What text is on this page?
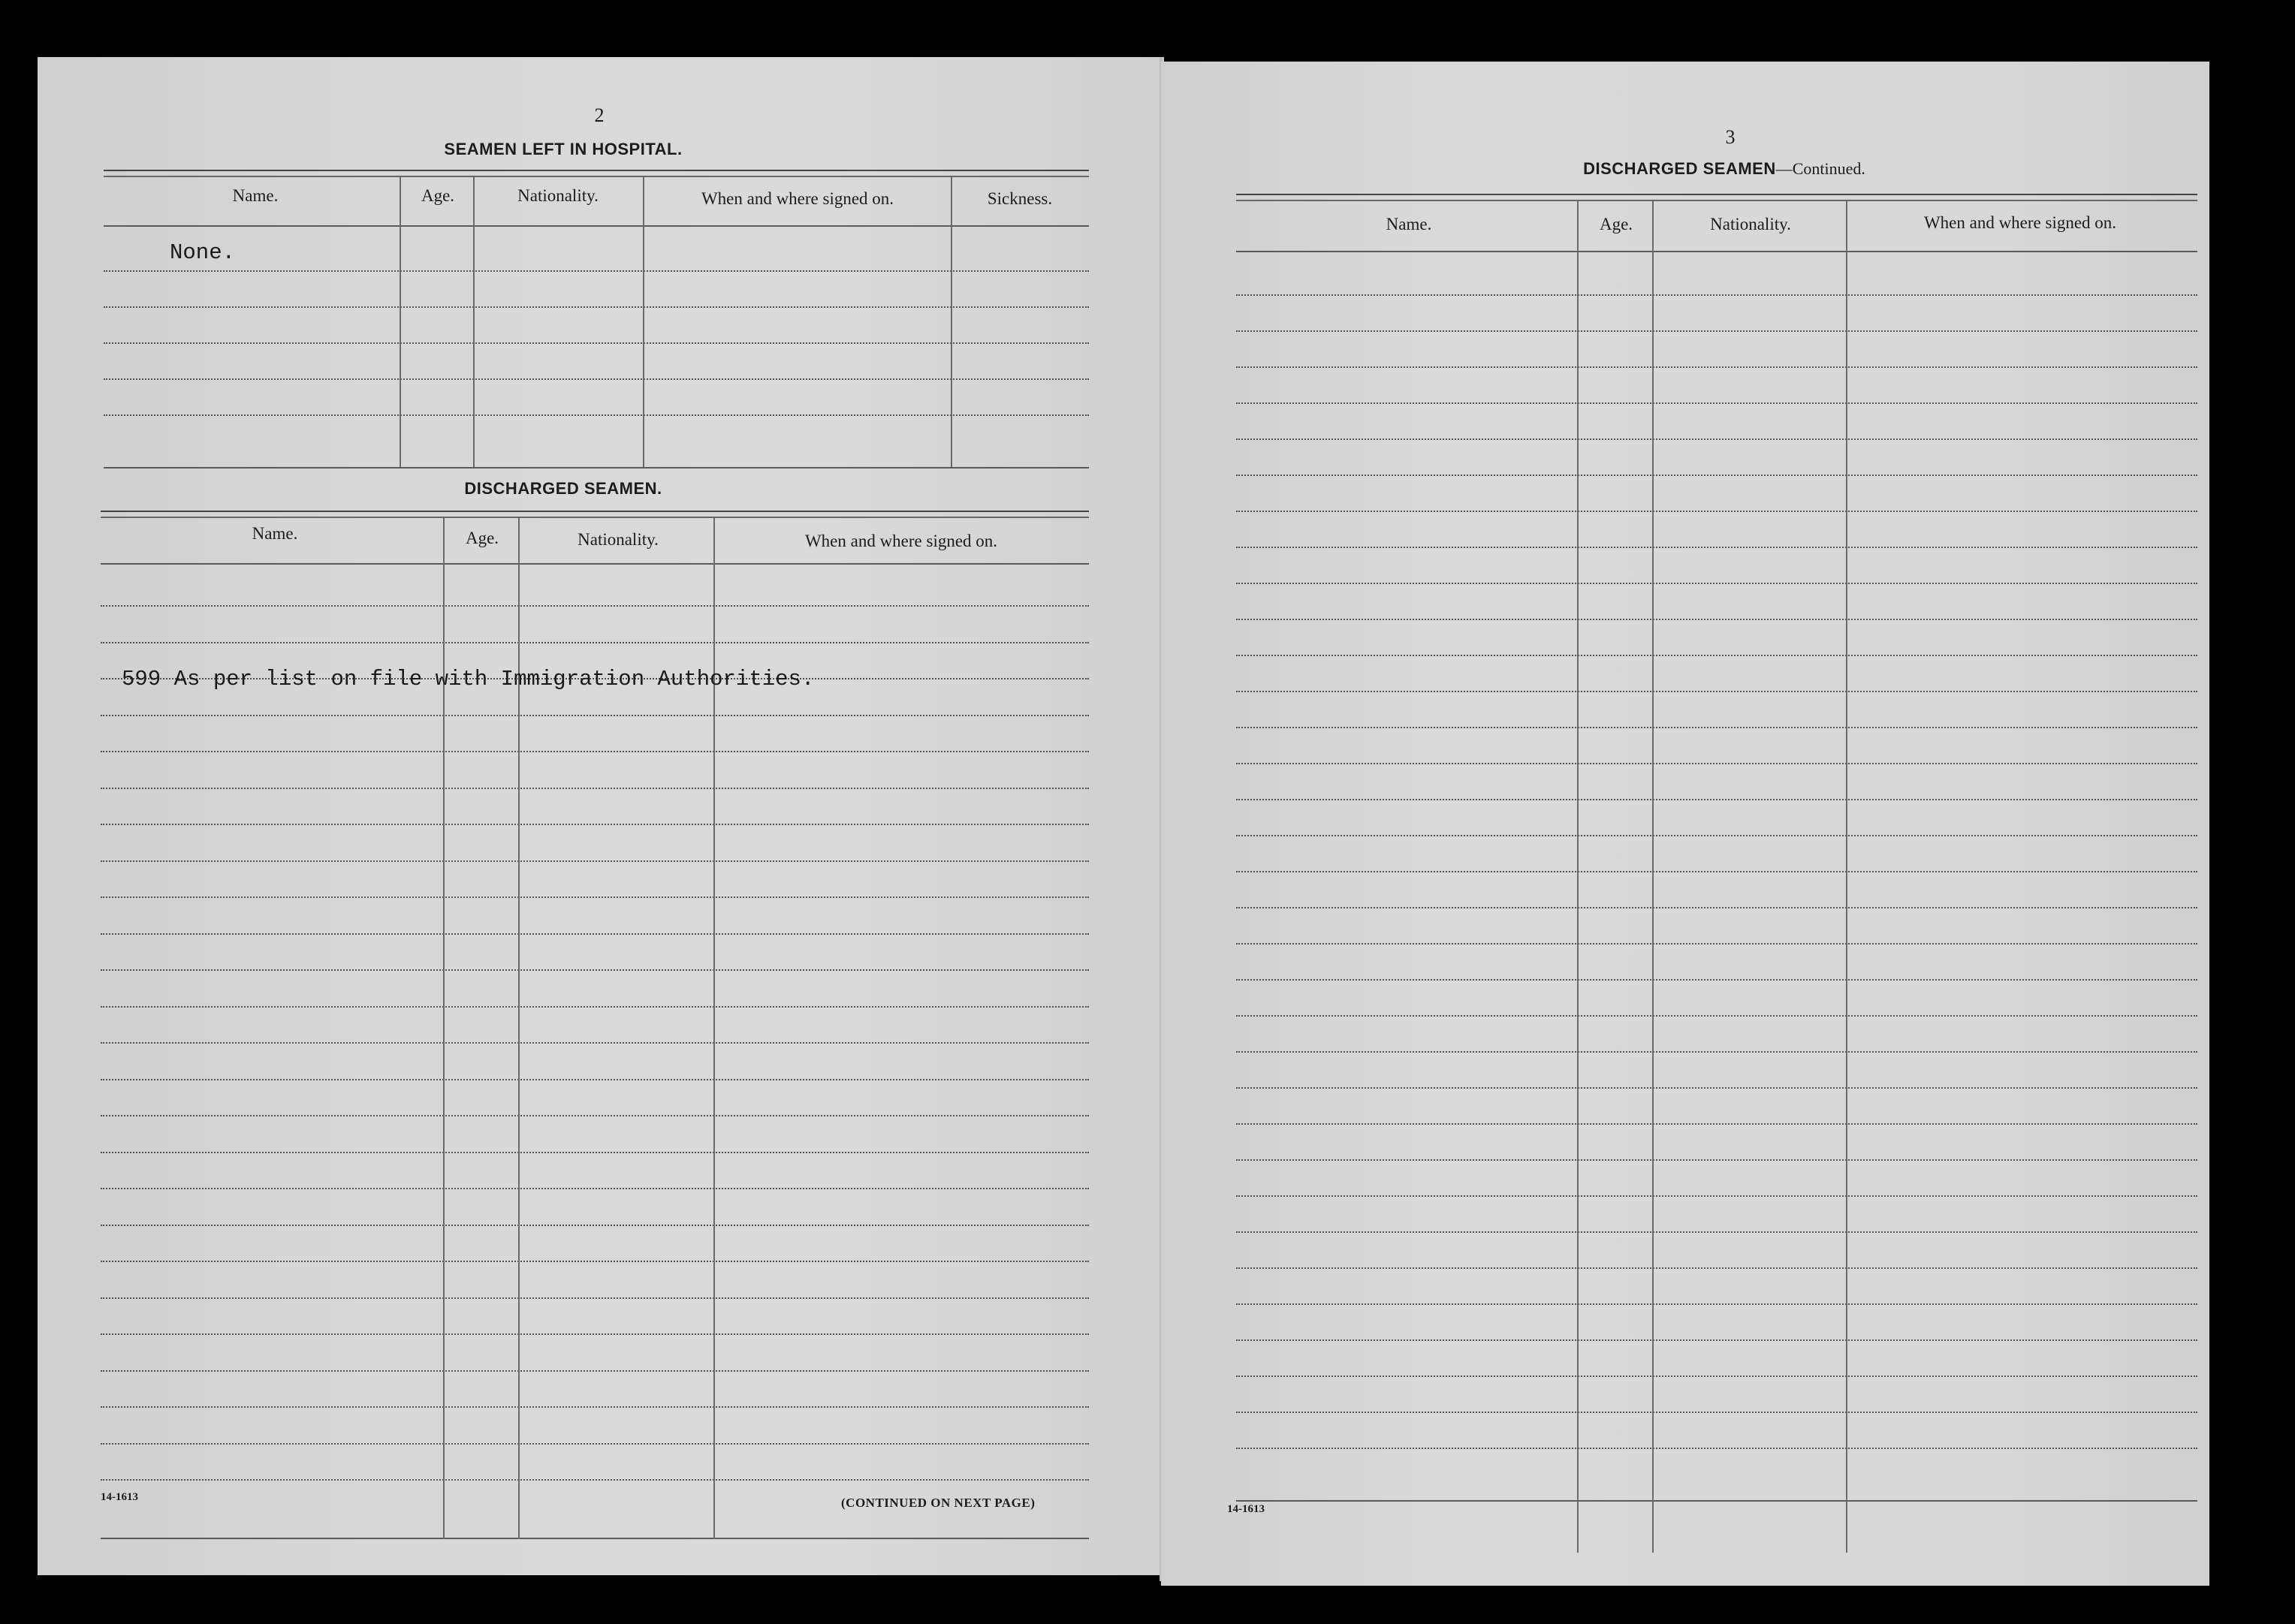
2
SEAMEN LEFT IN HOSPITAL.
Name.	Age.	Nationality.	When and where signed on.	Sickness.
None.
DISCHARGED SEAMEN.
Name.	Age.	Nationality.	When and where signed on.
599 As per list on file with Immigration Authorities.
14-1613	(CONTINUED ON NEXT PAGE)
3
DISCHARGED SEAMEN—Continued.
Name.	Age.	Nationality.	When and where signed on.
14-1613
